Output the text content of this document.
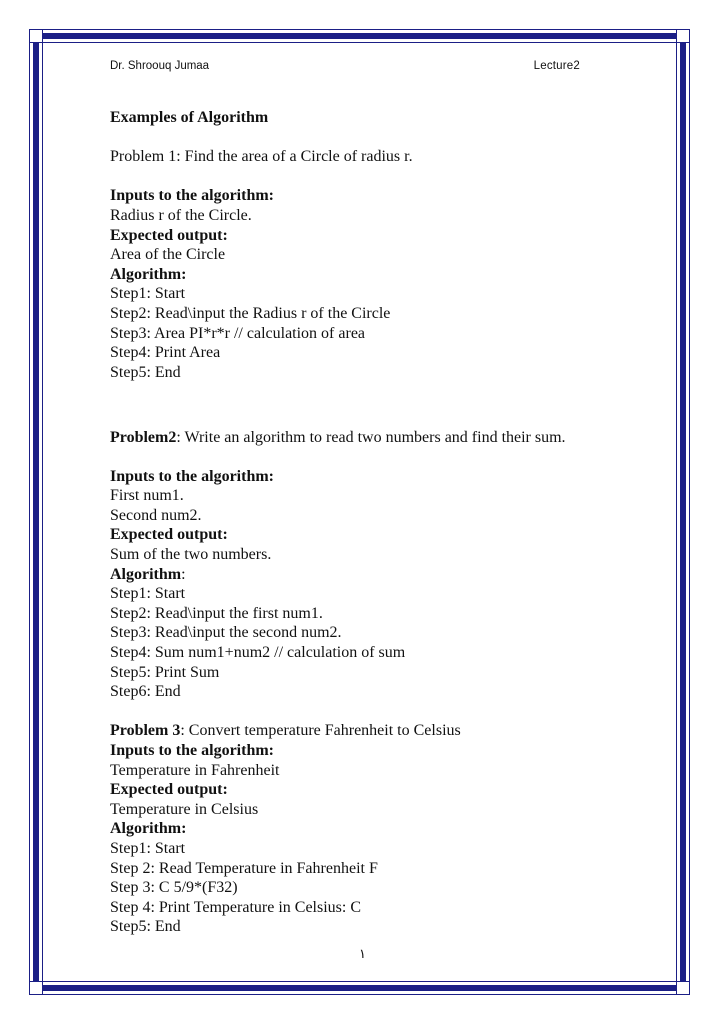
Dr. Shroouq Jumaa	Lecture2
Examples of Algorithm
Problem 1: Find the area of a Circle of radius r.
Inputs to the algorithm:
Radius r of the Circle.
Expected output:
Area of the Circle
Algorithm:
Step1: Start
Step2: Read\input the Radius r of the Circle
Step3: Area PI*r*r // calculation of area
Step4: Print Area
Step5: End
Problem2: Write an algorithm to read two numbers and find their sum.
Inputs to the algorithm:
First num1.
Second num2.
Expected output:
Sum of the two numbers.
Algorithm:
Step1: Start
Step2: Read\input the first num1.
Step3: Read\input the second num2.
Step4: Sum num1+num2 // calculation of sum
Step5: Print Sum
Step6: End
Problem 3: Convert temperature Fahrenheit to Celsius
Inputs to the algorithm:
Temperature in Fahrenheit
Expected output:
Temperature in Celsius
Algorithm:
Step1: Start
Step 2: Read Temperature in Fahrenheit F
Step 3: C 5/9*(F32)
Step 4: Print Temperature in Celsius: C
Step5: End
١
